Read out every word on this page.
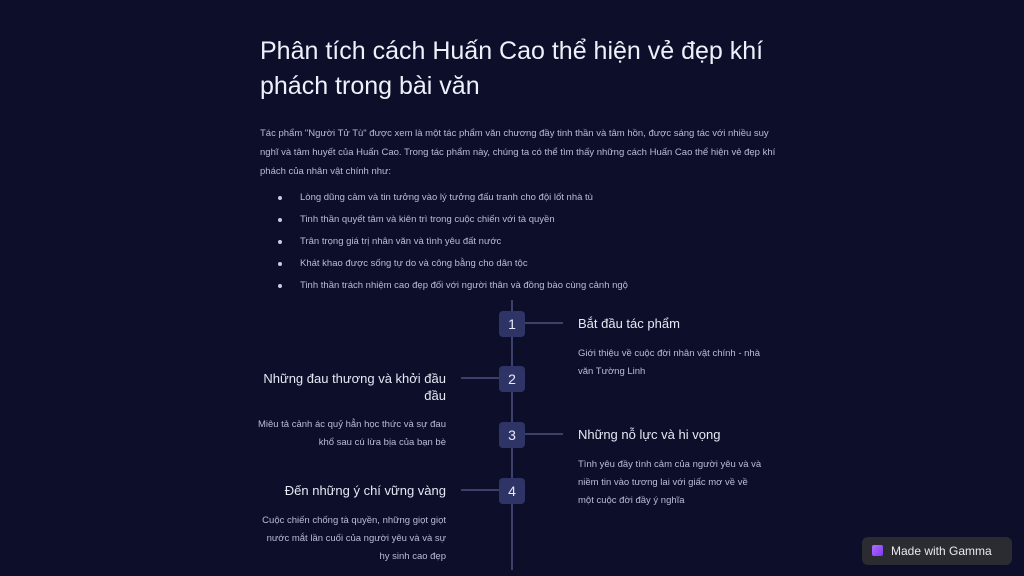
Phân tích cách Huấn Cao thể hiện vẻ đẹp khí phách trong bài văn

Tác phẩm "Người Tử Tù" được xem là một tác phẩm văn chương đầy tinh thần và tâm hồn, được sáng tác với nhiều suy nghĩ và tâm huyết của Huấn Cao. Trong tác phẩm này, chúng ta có thể tìm thấy những cách Huấn Cao thể hiện vẻ đẹp khí phách của nhân vật chính như:

Lòng dũng cảm và tin tưởng vào lý tưởng đấu tranh cho đội lốt nhà tù
Tinh thần quyết tâm và kiên trì trong cuộc chiến với tà quyền
Trân trọng giá trị nhân văn và tình yêu đất nước
Khát khao được sống tự do và công bằng cho dân tộc
Tinh thần trách nhiệm cao đẹp đối với người thân và đồng bào cùng cảnh ngộ
1	Bắt đầu tác phẩm
Giới thiệu về cuộc đời nhân vật chính - nhà văn Tường Linh
2
Những đau thương và khởi đầu đầu
Miêu tả cảnh ác quỷ hẳn học thức và sự đau khổ sau cú lừa bịa của bạn bè	3	Những nỗ lực và hi vọng
Tình yêu đầy tình cảm của người yêu và và niềm tin vào tương lai với giấc mơ về về một cuộc đời đầy ý nghĩa
4
Đến những ý chí vững vàng
Cuộc chiến chống tà quyền, những giọt giọt nước mắt lần cuối của người yêu và và sự hy sinh cao đẹp	Made with Gamma
